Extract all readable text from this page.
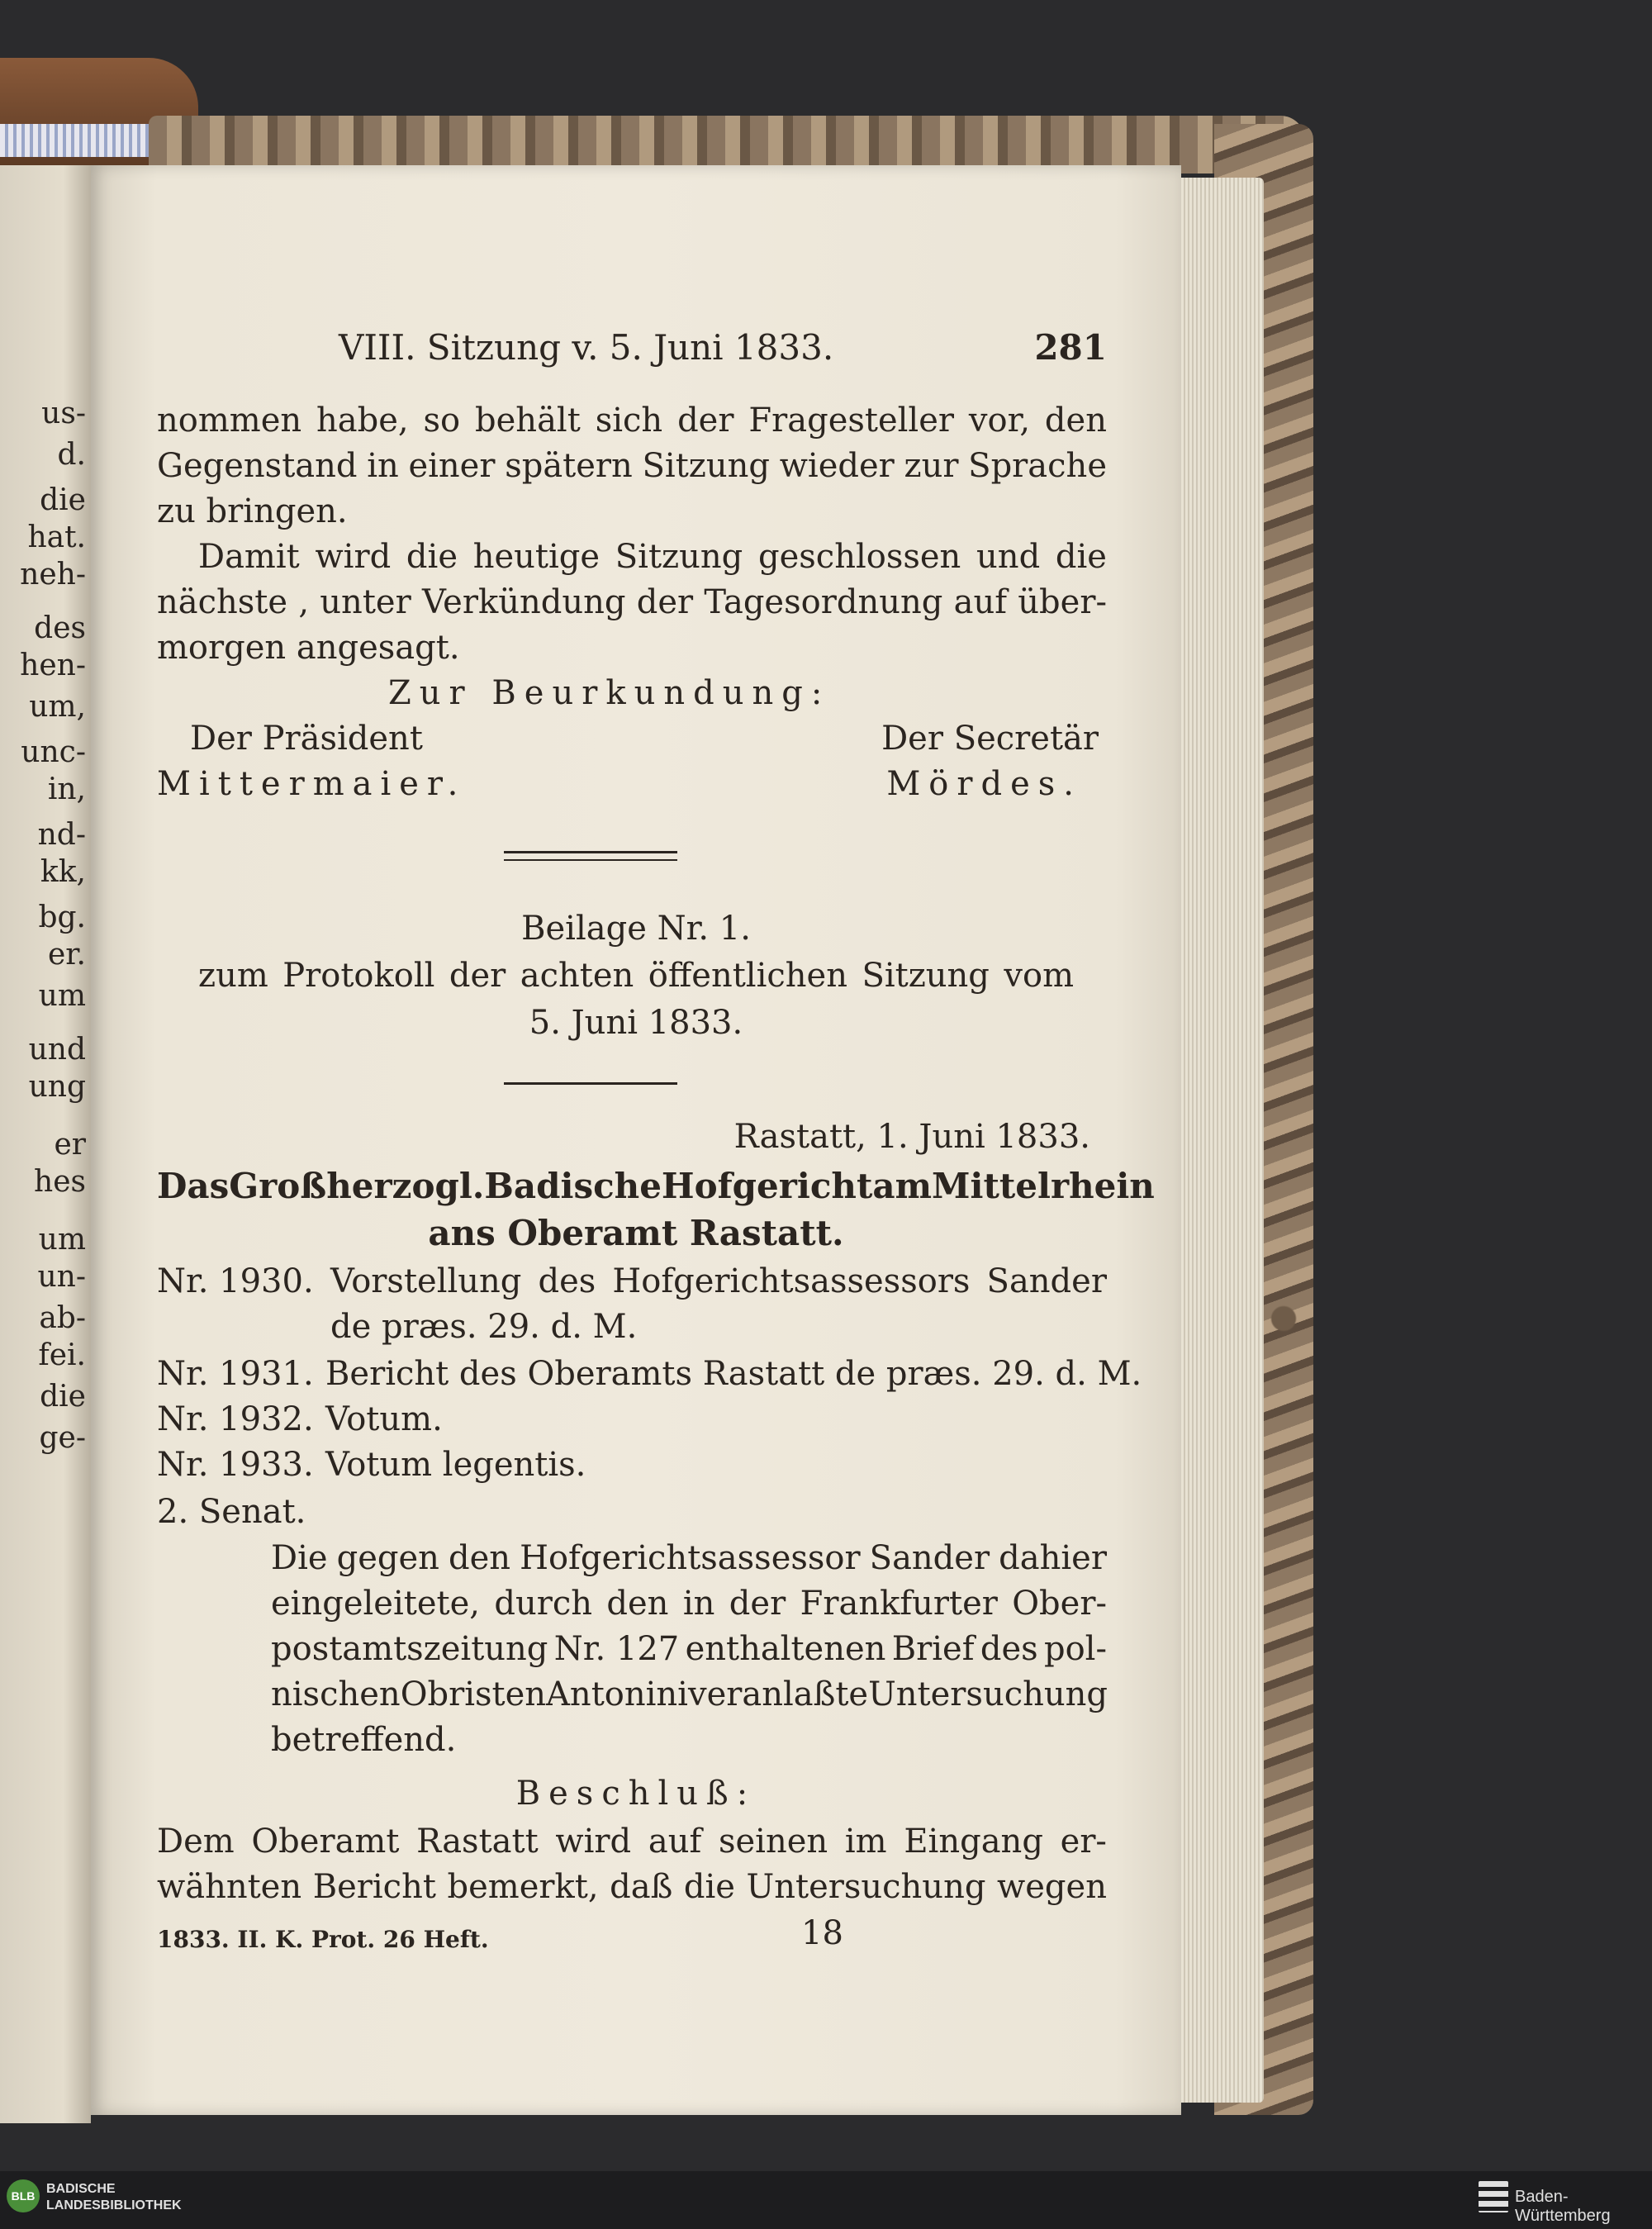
us-
d.
die
hat.
neh-
des
hen-
um,
unc-
in,
nd-
kk,
bg.
er.
um
und
ung
er
hes
um
un-
ab-
fei.
die
ge-
VIII. Sitzung v. 5. Juni 1833.	281
nommen habe, so behält sich der Fragesteller vor, den
Gegenstand in einer spätern Sitzung wieder zur Sprache
zu bringen.
Damit wird die heutige Sitzung geschlossen und die
nächste , unter Verkündung der Tagesordnung auf über-
morgen angesagt.
Zur Beurkundung:
Der Präsident	Der Secretär
Mittermaier.	Mördes.
Beilage Nr. 1.
zum Protokoll der achten öffentlichen Sitzung vom
5. Juni 1833.
Rastatt, 1. Juni 1833.
Das Großherzogl. Badische Hofgericht am Mittelrhein
ans Oberamt Rastatt.
Nr. 1930. Vorstellung des Hofgerichtsassessors Sander
de præs. 29. d. M.
Nr. 1931. Bericht des Oberamts Rastatt de præs. 29. d. M.
Nr. 1932. Votum.
Nr. 1933. Votum legentis.
2. Senat.
Die gegen den Hofgerichtsassessor Sander dahier
eingeleitete, durch den in der Frankfurter Ober-
postamtszeitung Nr. 127 enthaltenen Brief des pol-
nischen Obristen Antonini veranlaßte Untersuchung
betreffend.
Beschluß:
Dem Oberamt Rastatt wird auf seinen im Eingang er-
wähnten Bericht bemerkt, daß die Untersuchung wegen
1833. II. K. Prot. 26 Heft.	18
BLB BADISCHE
LANDESBIBLIOTHEK	Baden-Württemberg
